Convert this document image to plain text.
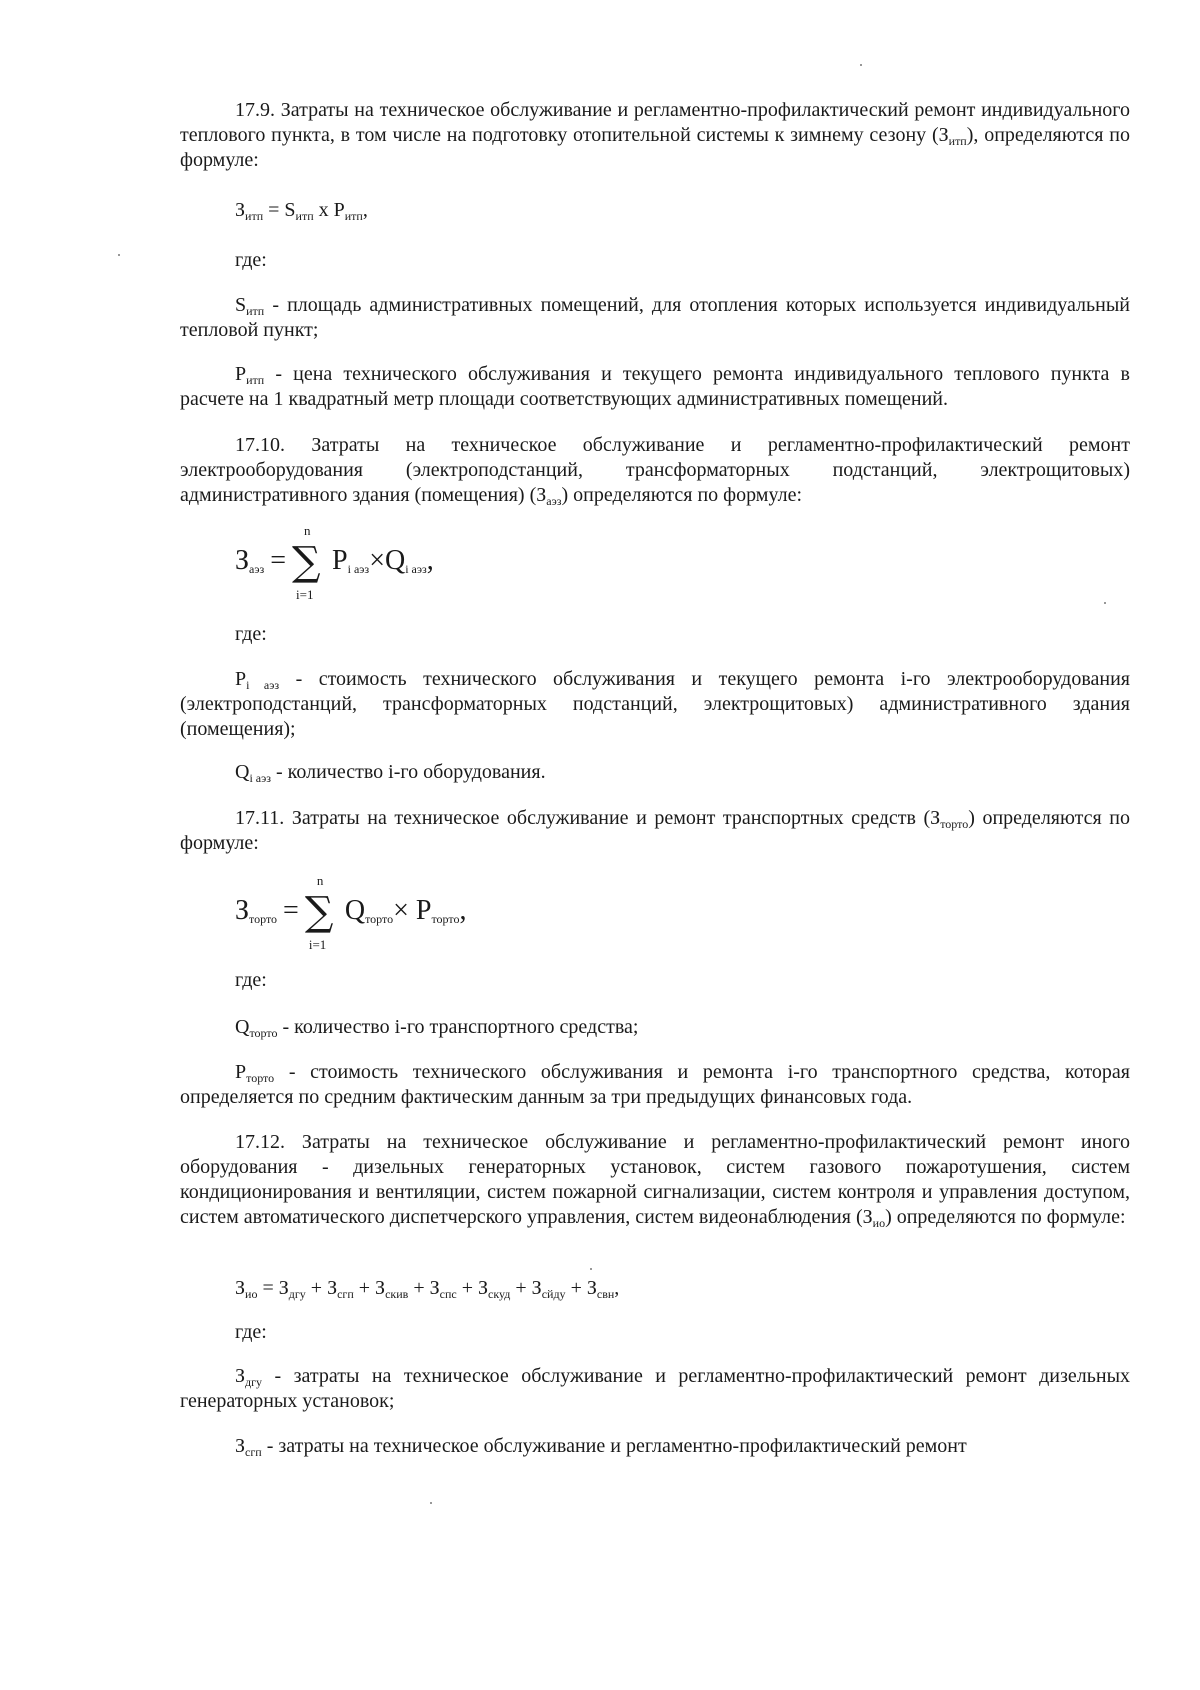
17.9. Затраты на техническое обслуживание и регламентно-профилактический ремонт индивидуального теплового пункта, в том числе на подготовку отопительной системы к зимнему сезону $(З_{итп})$, определяются по формуле:
$З_{итп} = S_{итп}$ x $P_{итп}$,
где:
$S_{итп}$ - площадь административных помещений, для отопления которых используется индивидуальный тепловой пункт;
$P_{итп}$ - цена технического обслуживания и текущего ремонта индивидуального теплового пункта в расчете на 1 квадратный метр площади соответствующих административных помещений.
17.10. Затраты на техническое обслуживание и регламентно-профилактический ремонт электрооборудования (электроподстанций, трансформаторных подстанций, электрощитовых) административного здания (помещения) $(З_{аэз})$ определяются по формуле:
$З_{аэз}$ =
n
∑
i=1
$P_{i аэз}\times Q_{i аэз}$,
где:
$P_{i аэз}$ - стоимость технического обслуживания и текущего ремонта i-го электрооборудования (электроподстанций, трансформаторных подстанций, электрощитовых) административного здания (помещения);
$Q_{i аэз}$ - количество i-го оборудования.
17.11. Затраты на техническое обслуживание и ремонт транспортных средств $(З_{торто})$ определяются по формуле:
$З_{торто}$ =
n
∑
i=1
$Q_{торто}\times P_{торто}$,
где:
$Q_{торто}$ - количество i-го транспортного средства;
$P_{торто}$ - стоимость технического обслуживания и ремонта i-го транспортного средства, которая определяется по средним фактическим данным за три предыдущих финансовых года.
17.12. Затраты на техническое обслуживание и регламентно-профилактический ремонт иного оборудования - дизельных генераторных установок, систем газового пожаротушения, систем кондиционирования и вентиляции, систем пожарной сигнализации, систем контроля и управления доступом, систем автоматического диспетчерского управления, систем видеонаблюдения $(З_{ио})$ определяются по формуле:
$З_{ио} = З_{дгу} + З_{сгп} + З_{скив} + З_{спс} + З_{скуд} + З_{сйду} + З_{свн}$,
где:
$З_{дгу}$ - затраты на техническое обслуживание и регламентно-профилактический ремонт дизельных генераторных установок;
$З_{сгп}$ - затраты на техническое обслуживание и регламентно-профилактический ремонт
